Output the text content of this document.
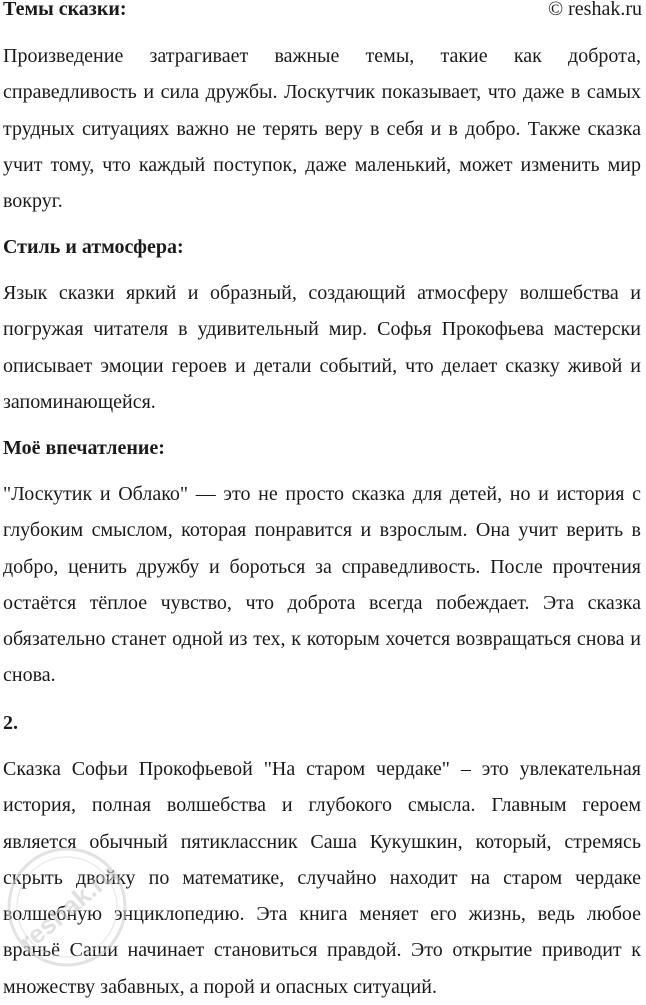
Темы сказки:	© reshak.ru

Произведение затрагивает важные темы, такие как доброта, справедливость и сила дружбы. Лоскутчик показывает, что даже в самых трудных ситуациях важно не терять веру в себя и в добро. Также сказка учит тому, что каждый поступок, даже маленький, может изменить мир вокруг.

Стиль и атмосфера:

Язык сказки яркий и образный, создающий атмосферу волшебства и погружая читателя в удивительный мир. Софья Прокофьева мастерски описывает эмоции героев и детали событий, что делает сказку живой и запоминающейся.

Моё впечатление:

"Лоскутик и Облако" — это не просто сказка для детей, но и история с глубоким смыслом, которая понравится и взрослым. Она учит верить в добро, ценить дружбу и бороться за справедливость. После прочтения остаётся тёплое чувство, что доброта всегда побеждает. Эта сказка обязательно станет одной из тех, к которым хочется возвращаться снова и снова.

2.

Сказка Софьи Прокофьевой "На старом чердаке" – это увлекательная история, полная волшебства и глубокого смысла. Главным героем является обычный пятиклассник Саша Кукушкин, который, стремясь скрыть двойку по математике, случайно находит на старом чердаке волшебную энциклопедию. Эта книга меняет его жизнь, ведь любое враньё Саши начинает становиться правдой. Это открытие приводит к множеству забавных, а порой и опасных ситуаций.

reshak.ru
